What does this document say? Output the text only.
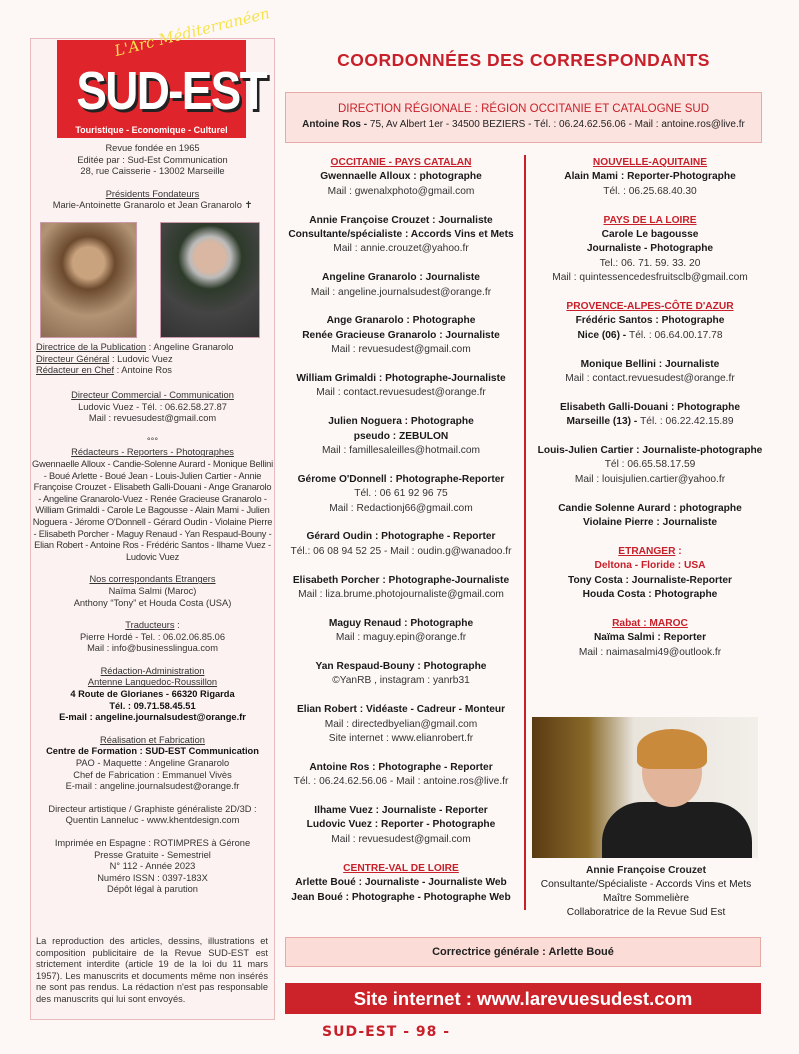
L'Arc Méditerranéen
SUD-EST
Touristique - Economique - Culturel
Revue fondée en 1965
Editée par : Sud-Est Communication
28, rue Caisserie - 13002 Marseille
Présidents Fondateurs
Marie-Antoinette Granarolo et Jean Granarolo ✝
Directrice de la Publication : Angeline Granarolo
Directeur Général : Ludovic Vuez
Rédacteur en Chef : Antoine Ros
Directeur Commercial - Communication
Ludovic Vuez - Tél. : 06.62.58.27.87
Mail : revuesudest@gmail.com
°°°
Rédacteurs - Reporters - Photographes
Gwennaelle Alloux - Candie-Solenne Aurard - Monique Bellini - Boué Arlette - Boué Jean - Louis-Julien Cartier - Annie Françoise Crouzet - Elisabeth Galli-Douani - Ange Granarolo - Angeline Granarolo-Vuez - Renée Gracieuse Granarolo - William Grimaldi - Carole Le Bagousse - Alain Mami - Julien Noguera - Jérome O'Donnell - Gérard Oudin - Violaine Pierre - Elisabeth Porcher - Maguy Renaud - Yan Respaud-Bouny - Elian Robert - Antoine Ros - Frédéric Santos - Ilhame Vuez - Ludovic Vuez
Nos correspondants Etrangers
Naïma Salmi (Maroc)
Anthony “Tony” et Houda Costa (USA)
Traducteurs :
Pierre Hordé - Tel. : 06.02.06.85.06
Mail : info@businesslingua.com
Rédaction-Administration
Antenne Languedoc-Roussillon
4 Route de Glorianes - 66320 Rigarda
Tél. : 09.71.58.45.51
E-mail : angeline.journalsudest@orange.fr
Réalisation et Fabrication
Centre de Formation : SUD-EST Communication
PAO - Maquette : Angeline Granarolo
Chef de Fabrication : Emmanuel Vivès
E-mail : angeline.journalsudest@orange.fr
Directeur artistique / Graphiste généraliste 2D/3D :
Quentin Lanneluc - www.khentdesign.com
Imprimée en Espagne : ROTIMPRES à Gérone
Presse Gratuite - Semestriel
N° 112 - Année 2023
Numéro ISSN : 0397-183X
Dépôt légal à parution
La reproduction des articles, dessins, illustrations et composition publicitaire de la Revue SUD-EST est strictement interdite (article 19 de la loi du 11 mars 1957). Les manuscrits et documents même non insérés ne sont pas rendus. La rédaction n'est pas responsable des manuscrits qui lui sont envoyés.
COORDONNÉES DES CORRESPONDANTS
DIRECTION RÉGIONALE : RÉGION OCCITANIE ET CATALOGNE SUD
Antoine Ros - 75, Av Albert 1er - 34500 BEZIERS - Tél. : 06.24.62.56.06 - Mail : antoine.ros@live.fr
OCCITANIE - PAYS CATALAN
Gwennaelle Alloux : photographe
Mail : gwenalxphoto@gmail.com
Annie Françoise Crouzet : Journaliste
Consultante/spécialiste : Accords Vins et Mets
Mail : annie.crouzet@yahoo.fr
Angeline Granarolo : Journaliste
Mail : angeline.journalsudest@orange.fr
Ange Granarolo : Photographe
Renée Gracieuse Granarolo : Journaliste
Mail : revuesudest@gmail.com
William Grimaldi : Photographe-Journaliste
Mail : contact.revuesudest@orange.fr
Julien Noguera : Photographe
pseudo : ZEBULON
Mail : famillesaleilles@hotmail.com
Gérome O'Donnell : Photographe-Reporter
Tél. : 06 61 92 96 75
Mail : Redactionj66@gmail.com
Gérard Oudin : Photographe - Reporter
Tél.: 06 08 94 52 25 - Mail : oudin.g@wanadoo.fr
Elisabeth Porcher : Photographe-Journaliste
Mail : liza.brume.photojournaliste@gmail.com
Maguy Renaud : Photographe
Mail : maguy.epin@orange.fr
Yan Respaud-Bouny : Photographe
©YanRB , instagram : yanrb31
Elian Robert : Vidéaste - Cadreur - Monteur
Mail : directedbyelian@gmail.com
Site internet : www.elianrobert.fr
Antoine Ros : Photographe - Reporter
Tél. : 06.24.62.56.06 - Mail : antoine.ros@live.fr
Ilhame Vuez : Journaliste - Reporter
Ludovic Vuez : Reporter - Photographe
Mail : revuesudest@gmail.com
CENTRE-VAL DE LOIRE
Arlette Boué : Journaliste - Journaliste Web
Jean Boué : Photographe - Photographe Web
NOUVELLE-AQUITAINE
Alain Mami : Reporter-Photographe
Tél. : 06.25.68.40.30
PAYS DE LA LOIRE
Carole Le bagousse
Journaliste - Photographe
Tel.: 06. 71. 59. 33. 20
Mail : quintessencedesfruitsclb@gmail.com
PROVENCE-ALPES-CÔTE D'AZUR
Frédéric Santos : Photographe
Nice (06) - Tél. : 06.64.00.17.78
Monique Bellini : Journaliste
Mail : contact.revuesudest@orange.fr
Elisabeth Galli-Douani : Photographe
Marseille (13) - Tél. : 06.22.42.15.89
Louis-Julien Cartier : Journaliste-photographe
Tél : 06.65.58.17.59
Mail : louisjulien.cartier@yahoo.fr
Candie Solenne Aurard : photographe
Violaine Pierre : Journaliste
ETRANGER :
Deltona - Floride : USA
Tony Costa : Journaliste-Reporter
Houda Costa : Photographe
Rabat : MAROC
Naïma Salmi : Reporter
Mail : naimasalmi49@outlook.fr
Annie Françoise Crouzet
Consultante/Spécialiste - Accords Vins et Mets
Maître Sommelière
Collaboratrice de la Revue Sud Est
Correctrice générale : Arlette Boué
Site internet : www.larevuesudest.com
SUD-EST - 98 -
